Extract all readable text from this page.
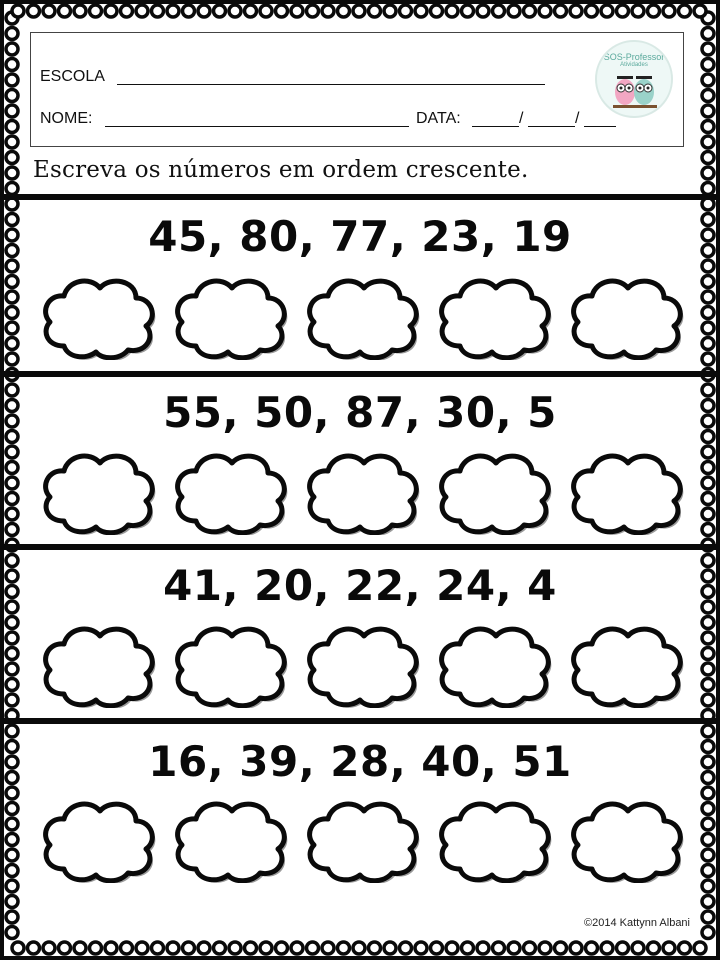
ESCOLA
NOME:	DATA:	/	/
SOS-Professor
Atividades
Escreva os números em ordem crescente.
45, 80, 77, 23, 19
55, 50, 87, 30, 5
41, 20, 22, 24, 4
16, 39, 28, 40, 51
©2014 Kattynn Albani
